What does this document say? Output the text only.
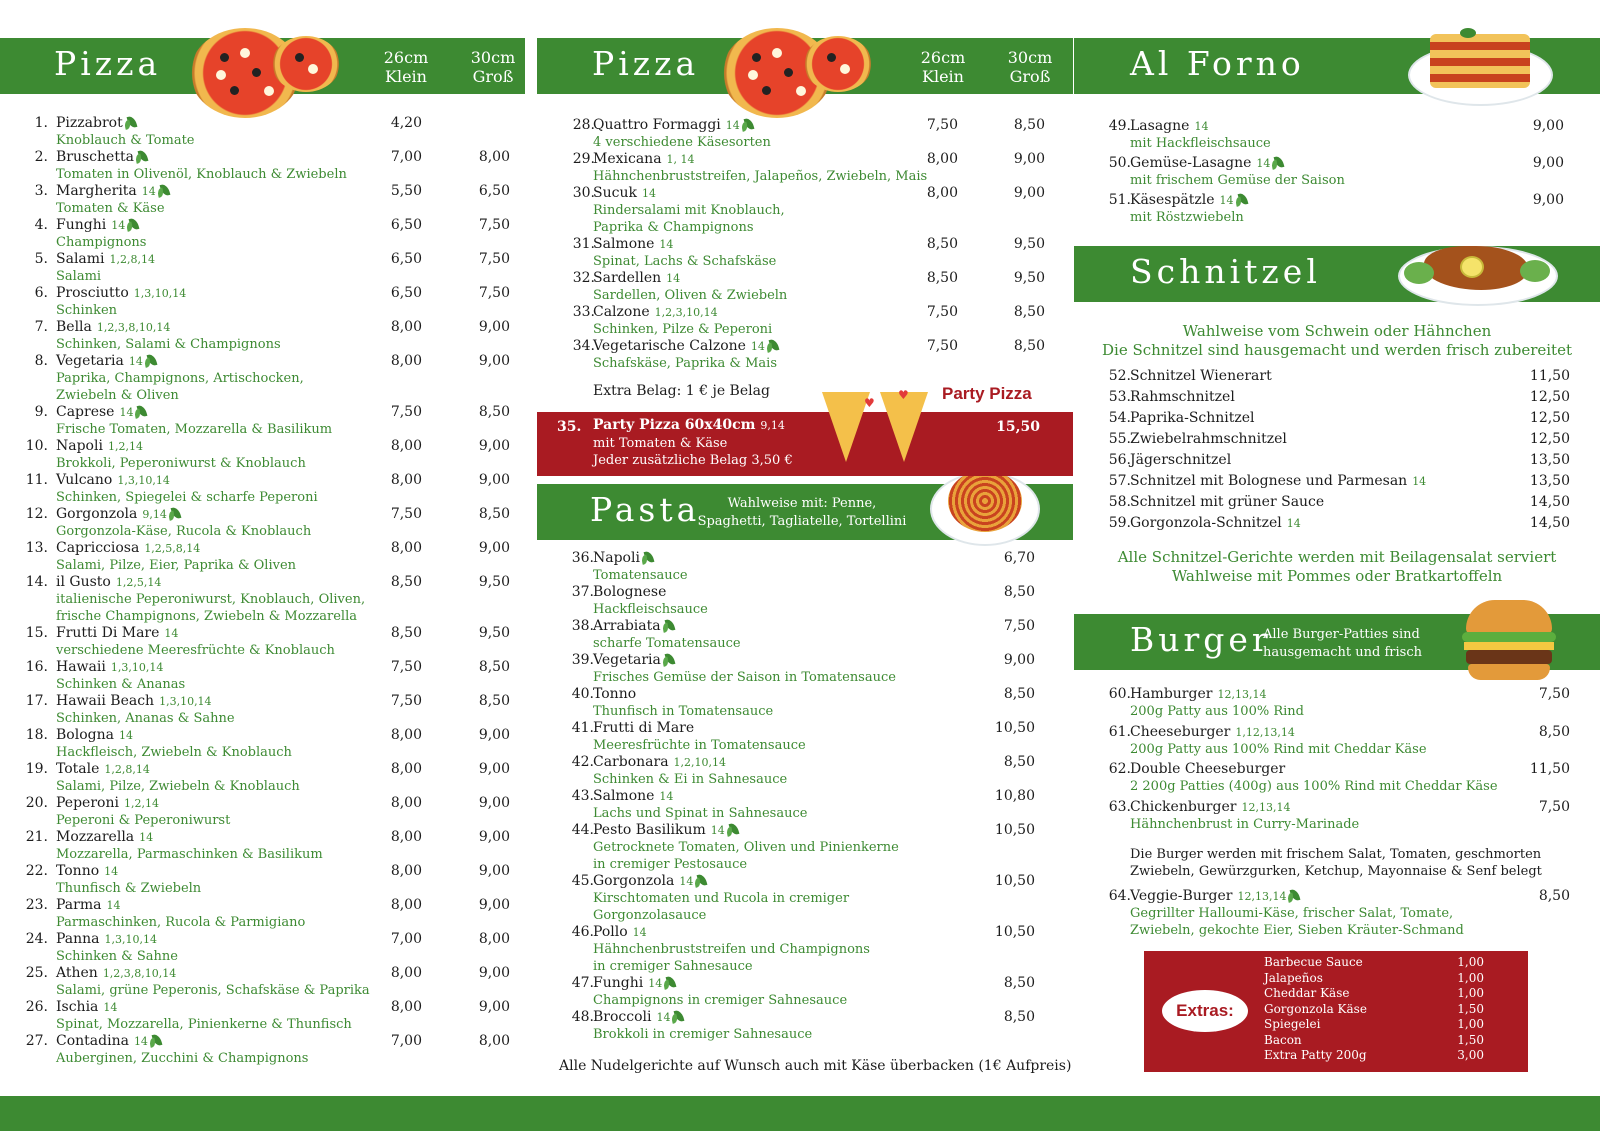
Pizza	Pizza	Al Forno
Schnitzel
Pasta
Burger
26cm
Klein
30cm
Groß
26cm
Klein
30cm
Groß
Wahlweise mit: Penne,
Spaghetti, Tagliatelle, Tortellini
Alle Burger-Patties sind
hausgemacht und frisch
1. Pizzabrot
Knoblauch & Tomate
4,20
2. Bruschetta
Tomaten in Olivenöl, Knoblauch & Zwiebeln
7,00	8,00
3. Margherita 14
Tomaten & Käse
5,50	6,50
4. Funghi 14
Champignons
6,50	7,50
5. Salami 1,2,8,14
Salami
6,50	7,50
6. Prosciutto 1,3,10,14
Schinken
6,50	7,50
7. Bella 1,2,3,8,10,14
Schinken, Salami & Champignons
8,00	9,00
8. Vegetaria 14
Paprika, Champignons, Artischocken,
Zwiebeln & Oliven
8,00	9,00
9. Caprese 14
Frische Tomaten, Mozzarella & Basilikum
7,50	8,50
10. Napoli 1,2,14
Brokkoli, Peperoniwurst & Knoblauch
8,00	9,00
11. Vulcano 1,3,10,14
Schinken, Spiegelei & scharfe Peperoni
8,00	9,00
12. Gorgonzola 9,14
Gorgonzola-Käse, Rucola & Knoblauch
7,50	8,50
13. Capricciosa 1,2,5,8,14
Salami, Pilze, Eier, Paprika & Oliven
8,00	9,00
14. il Gusto 1,2,5,14
italienische Peperoniwurst, Knoblauch, Oliven,
frische Champignons, Zwiebeln & Mozzarella
8,50	9,50
15. Frutti Di Mare 14
verschiedene Meeresfrüchte & Knoblauch
8,50	9,50
16. Hawaii 1,3,10,14
Schinken & Ananas
7,50	8,50
17. Hawaii Beach 1,3,10,14
Schinken, Ananas & Sahne
7,50	8,50
18. Bologna 14
Hackfleisch, Zwiebeln & Knoblauch
8,00	9,00
19. Totale 1,2,8,14
Salami, Pilze, Zwiebeln & Knoblauch
8,00	9,00
20. Peperoni 1,2,14
Peperoni & Peperoniwurst
8,00	9,00
21. Mozzarella 14
Mozzarella, Parmaschinken & Basilikum
8,00	9,00
22. Tonno 14
Thunfisch & Zwiebeln
8,00	9,00
23. Parma 14
Parmaschinken, Rucola & Parmigiano
8,00	9,00
24. Panna 1,3,10,14
Schinken & Sahne
7,00	8,00
25. Athen 1,2,3,8,10,14
Salami, grüne Peperonis, Schafskäse & Paprika
8,00	9,00
26. Ischia 14
Spinat, Mozzarella, Pinienkerne & Thunfisch
8,00	9,00
27. Contadina 14
Auberginen, Zucchini & Champignons
7,00	8,00
28.
Quattro Formaggi 14
4 verschiedene Käsesorten
7,50	8,50
29.
Mexicana 1, 14
Hähnchenbruststreifen, Jalapeños, Zwiebeln, Mais
8,00	9,00
30.
Sucuk 14
Rindersalami mit Knoblauch,
Paprika & Champignons
8,00	9,00
31.
Salmone 14
Spinat, Lachs & Schafskäse
8,50	9,50
32.
Sardellen 14
Sardellen, Oliven & Zwiebeln
8,50	9,50
33.
Calzone 1,2,3,10,14
Schinken, Pilze & Peperoni
7,50	8,50
34.
Vegetarische Calzone 14
Schafskäse, Paprika & Mais
7,50	8,50
Extra Belag: 1 € je Belag	Party Pizza
35. Party Pizza 60x40cm 9,14
mit Tomaten & Käse
Jeder zusätzliche Belag 3,50 €
15,50
♥
♥
36. Napoli
Tomatensauce
6,70
37. Bolognese
Hackfleischsauce
8,50
38. Arrabiata
scharfe Tomatensauce
7,50
39. Vegetaria
Frisches Gemüse der Saison in Tomatensauce
9,00
40. Tonno
Thunfisch in Tomatensauce
8,50
41. Frutti di Mare
Meeresfrüchte in Tomatensauce
10,50
42. Carbonara 1,2,10,14
Schinken & Ei in Sahnesauce
8,50
43. Salmone 14
Lachs und Spinat in Sahnesauce
10,80
44. Pesto Basilikum 14
Getrocknete Tomaten, Oliven und Pinienkerne
in cremiger Pestosauce
10,50
45. Gorgonzola 14
Kirschtomaten und Rucola in cremiger
Gorgonzolasauce
10,50
46. Pollo 14
Hähnchenbruststreifen und Champignons
in cremiger Sahnesauce
10,50
47. Funghi 14
Champignons in cremiger Sahnesauce
8,50
48. Broccoli 14
Brokkoli in cremiger Sahnesauce
8,50
Alle Nudelgerichte auf Wunsch auch mit Käse überbacken (1€ Aufpreis)
49. Lasagne 14
mit Hackfleischsauce
9,00
50. Gemüse-Lasagne 14
mit frischem Gemüse der Saison
9,00
51. Käsespätzle 14
mit Röstzwiebeln
9,00
Wahlweise vom Schwein oder Hähnchen
Die Schnitzel sind hausgemacht und werden frisch zubereitet
52. Schnitzel Wienerart	11,50
53. Rahmschnitzel	12,50
54. Paprika-Schnitzel	12,50
55. Zwiebelrahmschnitzel	12,50
56. Jägerschnitzel	13,50
57. Schnitzel mit Bolognese und Parmesan 14	13,50
58. Schnitzel mit grüner Sauce	14,50
59. Gorgonzola-Schnitzel 14	14,50
Alle Schnitzel-Gerichte werden mit Beilagensalat serviert
Wahlweise mit Pommes oder Bratkartoffeln
60. Hamburger 12,13,14
200g Patty aus 100% Rind
7,50
61. Cheeseburger 1,12,13,14
200g Patty aus 100% Rind mit Cheddar Käse
8,50
62. Double Cheeseburger
2 200g Patties (400g) aus 100% Rind mit Cheddar Käse
11,50
63. Chickenburger 12,13,14
Hähnchenbrust in Curry-Marinade
7,50
Die Burger werden mit frischem Salat, Tomaten, geschmorten
Zwiebeln, Gewürzgurken, Ketchup, Mayonnaise & Senf belegt
64. Veggie-Burger 12,13,14
Gegrillter Halloumi-Käse, frischer Salat, Tomate,
Zwiebeln, gekochte Eier, Sieben Kräuter-Schmand
8,50
Extras:
Barbecue Sauce	1,00
Jalapeños	1,00
Cheddar Käse	1,00
Gorgonzola Käse	1,50
Spiegelei	1,00
Bacon	1,50
Extra Patty 200g	3,00
